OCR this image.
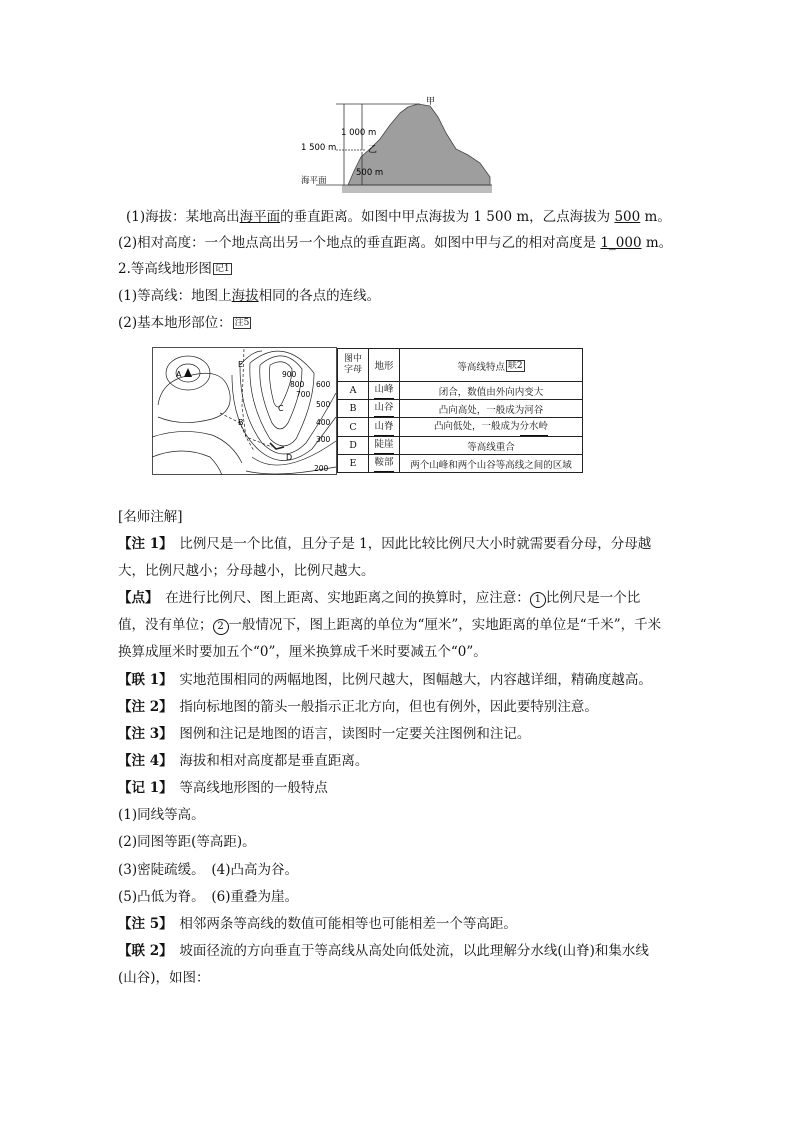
甲
乙
1 000 m
1 500 m
500 m
海平面
(1)海拔：某地高出海平面的垂直距离。如图中甲点海拔为 1 500 m，乙点海拔为 500 m。
(2)相对高度：一个地点高出另一个地点的垂直距离。如图中甲与乙的相对高度是 1_000 m。
2.等高线地形图 记1
(1)等高线：地图上海拔相同的各点的连线。
(2)基本地形部位： 注5
A
E
B
C
D
900
800
700
600
500
400
300
200
图中字母	地形	等高线特点 联2
A	山峰	闭合，数值由外向内变大
B	山谷	凸向高处，一般成为河谷
C	山脊	凸向低处，一般成为分水岭
D	陡崖	等高线重合
E	鞍部	两个山峰和两个山谷等高线之间的区域
[名师注解]
【注 1】　 比例尺是一个比值，且分子是 1，因此比较比例尺大小时就需要看分母，分母越
大，比例尺越小；分母越小，比例尺越大。
【点】　 在进行比例尺、图上距离、实地距离之间的换算时，应注意： 1 比例尺是一个比
值，没有单位； 2 一般情况下，图上距离的单位为“厘米”，实地距离的单位是“千米”，千米
换算成厘米时要加五个“0”，厘米换算成千米时要减五个“0”。
【联 1】　 实地范围相同的两幅地图，比例尺越大，图幅越大，内容越详细，精确度越高。
【注 2】　 指向标地图的箭头一般指示正北方向，但也有例外，因此要特别注意。
【注 3】　 图例和注记是地图的语言，读图时一定要关注图例和注记。
【注 4】　 海拔和相对高度都是垂直距离。
【记 1】　 等高线地形图的一般特点
(1)同线等高。
(2)同图等距(等高距)。
(3)密陡疏缓。　(4)凸高为谷。
(5)凸低为脊。　(6)重叠为崖。
【注 5】　 相邻两条等高线的数值可能相等也可能相差一个等高距。
【联 2】　 坡面径流的方向垂直于等高线从高处向低处流，以此理解分水线(山脊)和集水线
(山谷)，如图：
